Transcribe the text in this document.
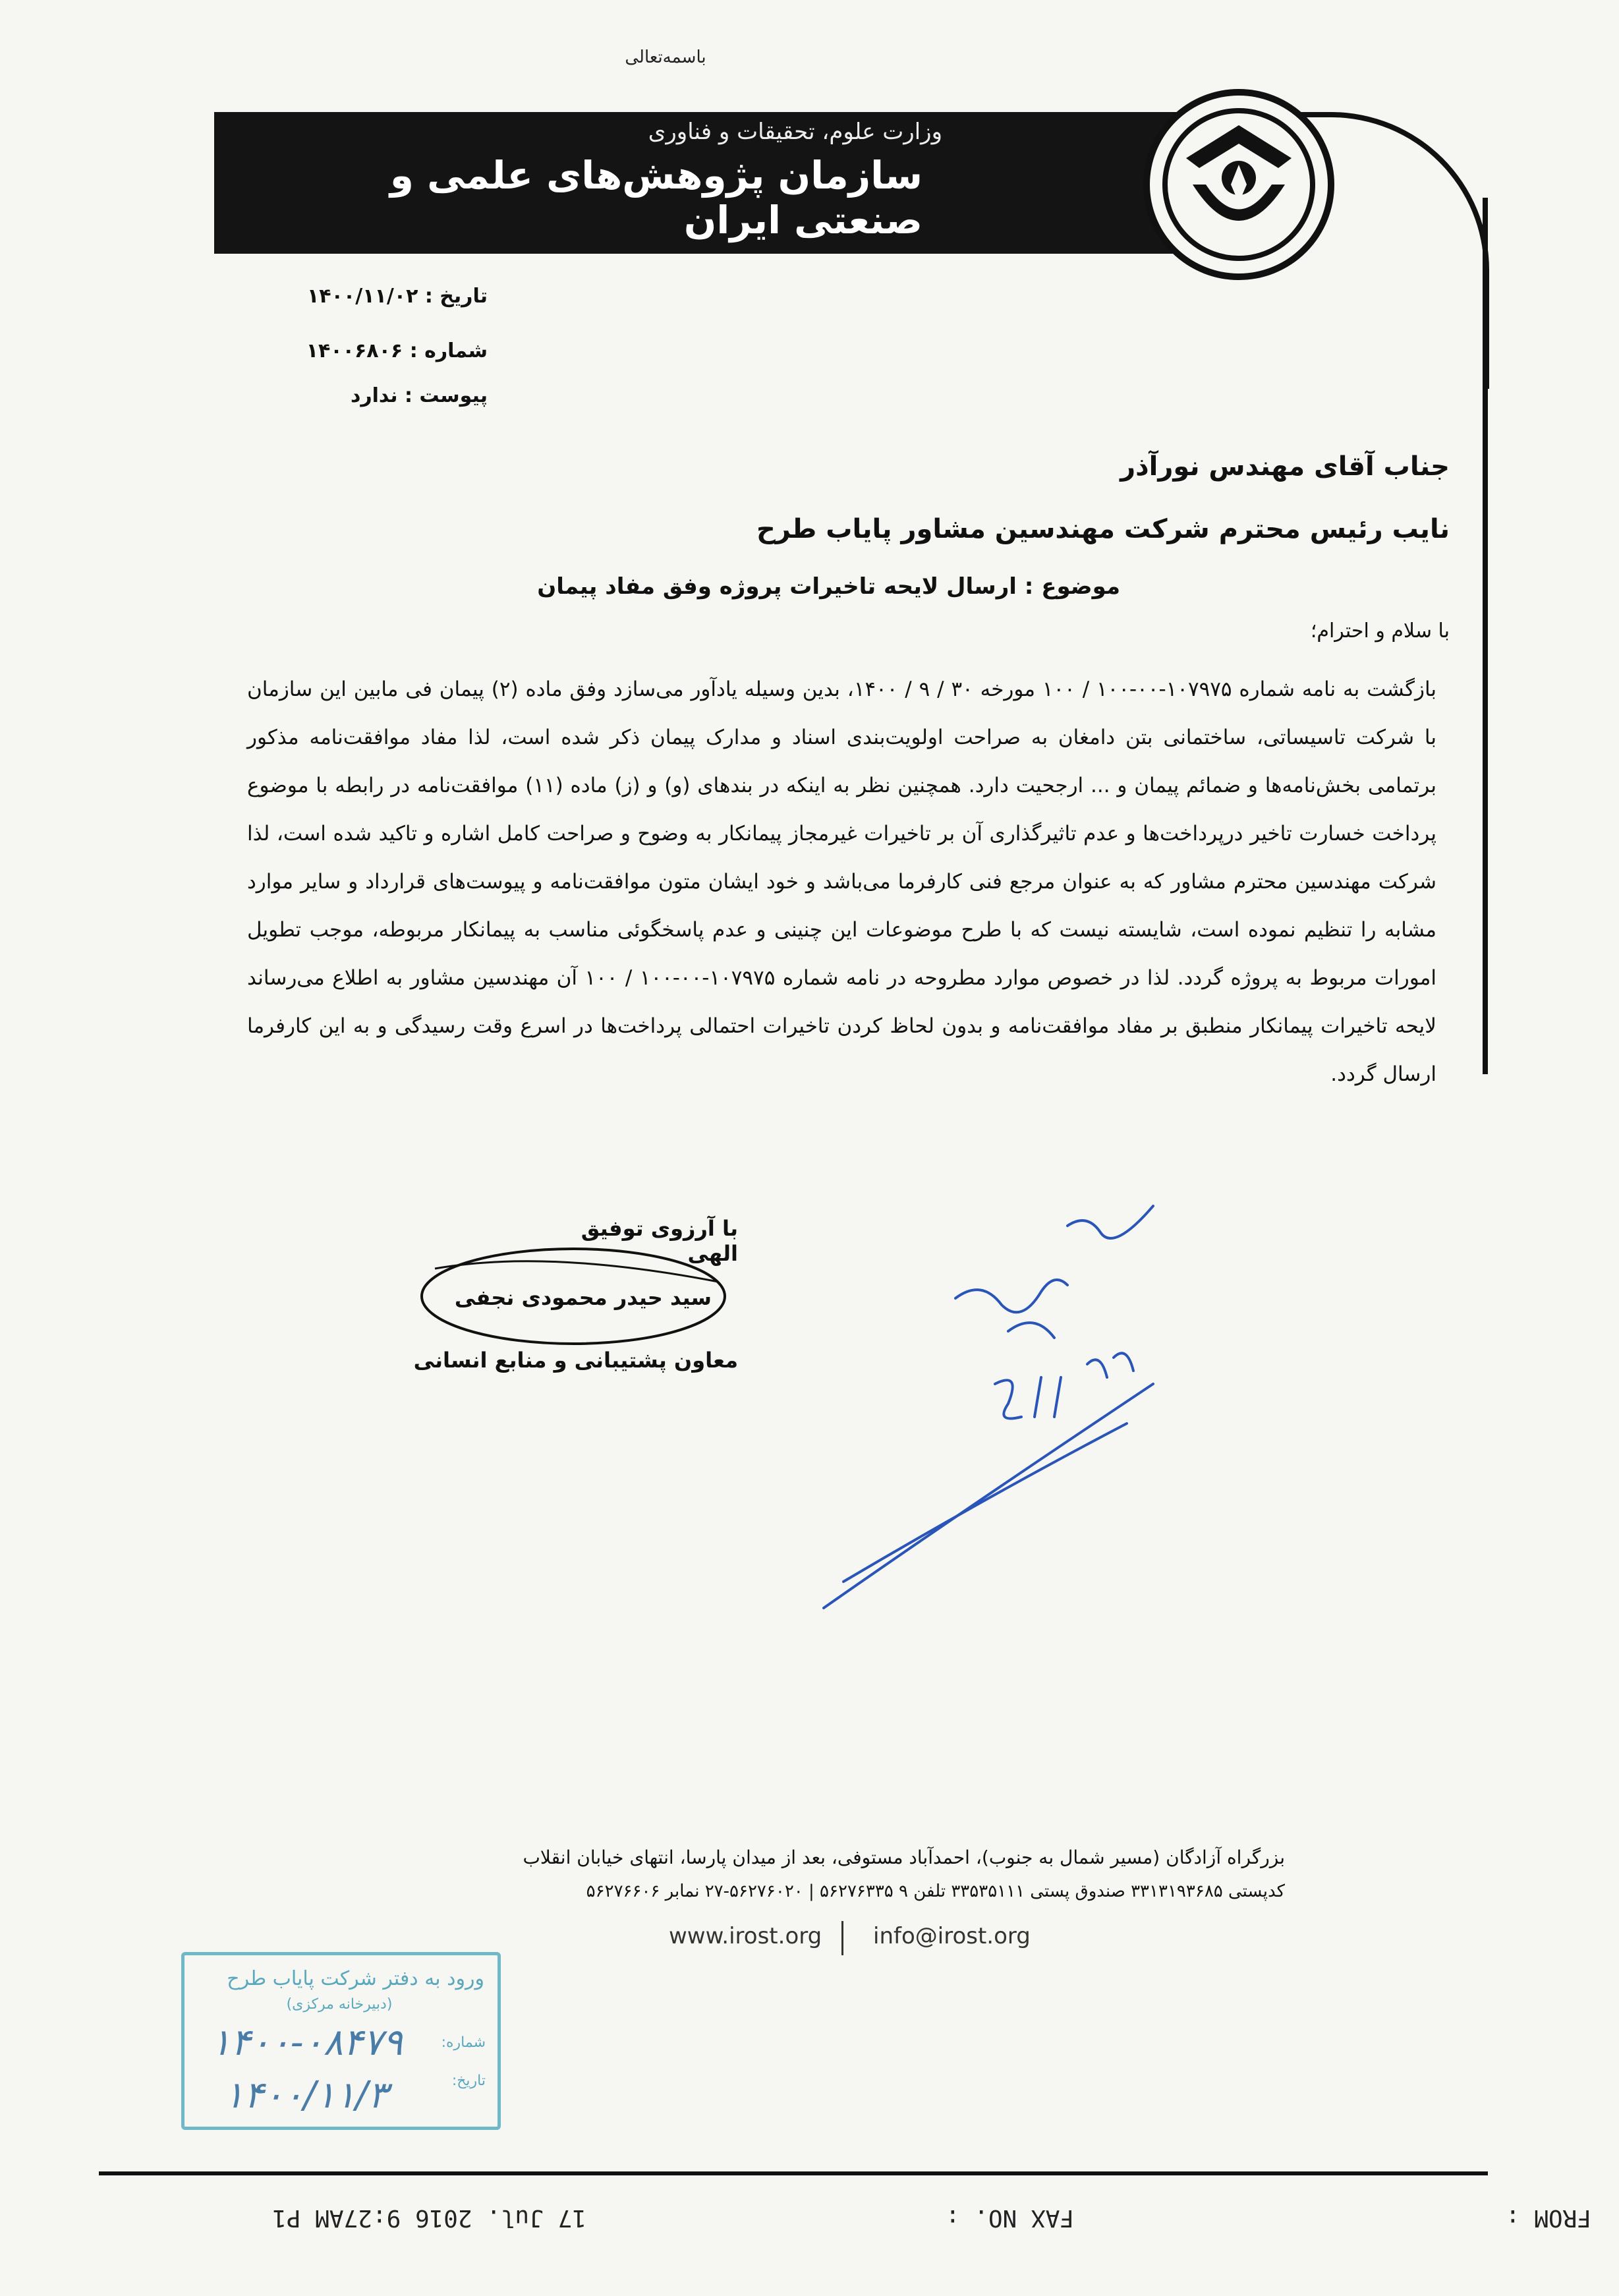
باسمه‌تعالی
وزارت علوم، تحقیقات و فناوری
سازمان پژوهش‌های علمی و صنعتی ایران
تاریخ : ۱۴۰۰/۱۱/۰۲
شماره : ۱۴۰۰۶۸۰۶
پیوست : ندارد
جناب آقای مهندس نورآذر
نایب رئیس محترم شرکت مهندسین مشاور پایاب طرح
موضوع : ارسال لایحه تاخیرات پروژه وفق مفاد پیمان
با سلام و احترام؛
بازگشت به نامه شماره ۱۰۷۹۷۵-۰۰-۱۰۰ / ۱۰۰ مورخه ۳۰ / ۹ / ۱۴۰۰، بدین وسیله یادآور می‌سازد وفق ماده (۲) پیمان فی مابین این سازمان با شرکت تاسیساتی، ساختمانی بتن دامغان به صراحت اولویت‌بندی اسناد و مدارک پیمان ذکر شده است، لذا مفاد موافقت‌نامه مذکور برتمامی بخش‌نامه‌ها و ضمائم پیمان و ... ارجحیت دارد. همچنین نظر به اینکه در بندهای (و) و (ز) ماده (۱۱) موافقت‌نامه در رابطه با موضوع پرداخت خسارت تاخیر درپرداخت‌ها و عدم تاثیرگذاری آن بر تاخیرات غیرمجاز پیمانکار به وضوح و صراحت کامل اشاره و تاکید شده است، لذا شرکت مهندسین محترم مشاور که به عنوان مرجع فنی کارفرما می‌باشد و خود ایشان متون موافقت‌نامه و پیوست‌های قرارداد و سایر موارد مشابه را تنظیم نموده است، شایسته نیست که با طرح موضوعات این چنینی و عدم پاسخگوئی مناسب به پیمانکار مربوطه، موجب تطویل امورات مربوط به پروژه گردد. لذا در خصوص موارد مطروحه در نامه شماره ۱۰۷۹۷۵-۰۰-۱۰۰ / ۱۰۰ آن مهندسین مشاور به اطلاع می‌رساند لایحه تاخیرات پیمانکار منطبق بر مفاد موافقت‌نامه و بدون لحاظ کردن تاخیرات احتمالی پرداخت‌ها در اسرع وقت رسیدگی و به این کارفرما ارسال گردد.
با آرزوی توفیق الهی
سید حیدر محمودی نجفی
معاون پشتیبانی و منابع انسانی
بزرگراه آزادگان (مسیر شمال به جنوب)، احمدآباد مستوفی، بعد از میدان پارسا، انتهای خیابان انقلاب
کدپستی ۳۳۱۳۱۹۳۶۸۵ صندوق پستی ۳۳۵۳۵۱۱۱ تلفن ۹ ۵۶۲۷۶۳۳۵ | ۵۶۲۷۶۰۲۰-۲۷ نمابر ۵۶۲۷۶۶۰۶
www.irost.org info@irost.org
ورود به دفتر شرکت پایاب طرح
(دبیرخانه مرکزی)
شماره:
تاریخ:
۱۴۰۰-۰۸۴۷۹
۱۴۰۰/۱۱/۳
FROM :
FAX NO. :
17 Jul. 2016 9:27AM P1
